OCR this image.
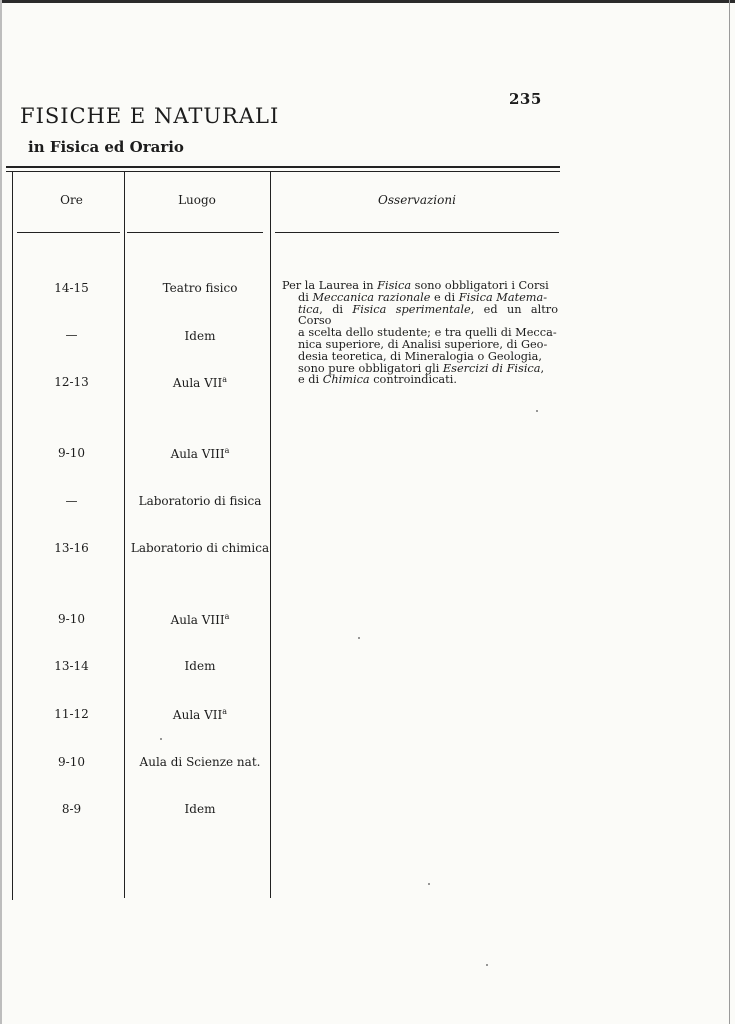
235
FISICHE E NATURALI
in Fisica ed Orario
Ore	Luogo	Osservazioni
14-15	Teatro fisico
—	Idem
12-13	Aula VII$^a$
9-10	Aula VIII$^a$
—	Laboratorio di fisica
13-16	Laboratorio di chimica
9-10	Aula VIII$^a$
13-14	Idem
11-12	Aula VII$^a$
9-10	Aula di Scienze nat.
8-9	Idem
Per la Laurea in Fisica sono obbligatori i Corsi
di Meccanica razionale e di Fisica Matema-
tica, di Fisica sperimentale, ed un altro Corso
a scelta dello studente; e tra quelli di Mecca-
nica superiore, di Analisi superiore, di Geo-
desia teoretica, di Mineralogia o Geologia,
sono pure obbligatori gli Esercizi di Fisica,
e di Chimica controindicati.
